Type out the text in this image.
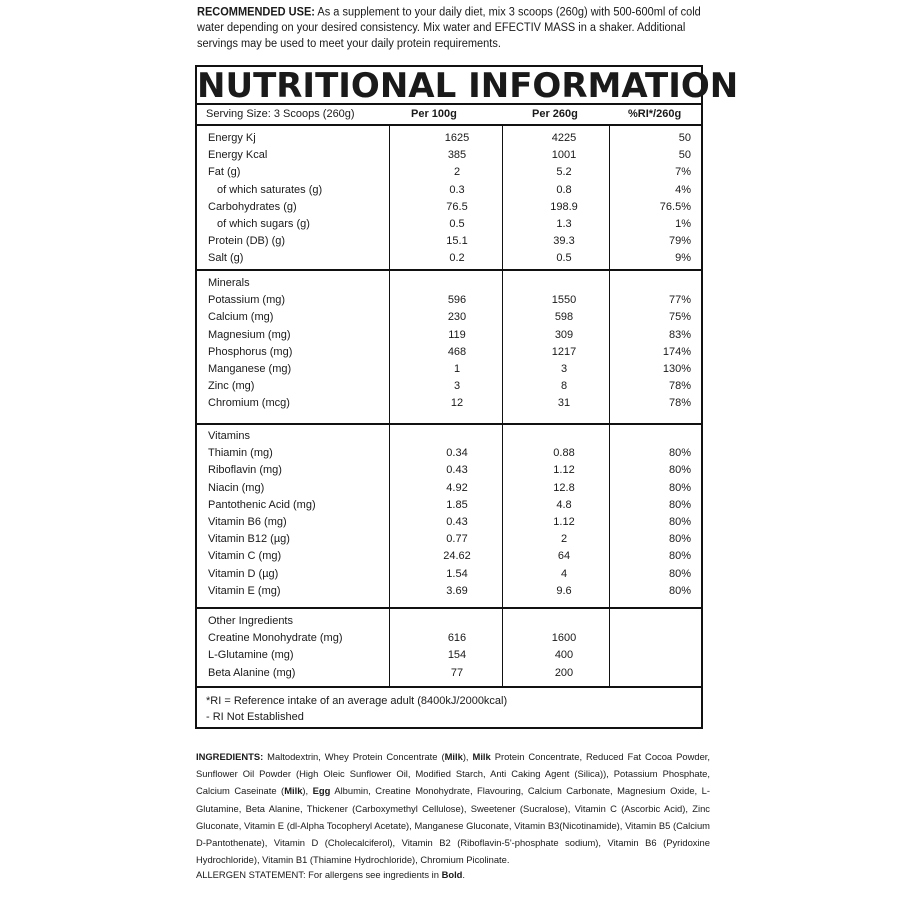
RECOMMENDED USE: As a supplement to your daily diet, mix 3 scoops (260g) with 500-600ml of cold water depending on your desired consistency. Mix water and EFECTIV MASS in a shaker. Additional servings may be used to meet your daily protein requirements.
NUTRITIONAL INFORMATION
Serving Size: 3 Scoops (260g)	Per 100g	Per 260g	%RI*/260g
Energy Kj	1625	4225	50
Energy Kcal	385	1001	50
Fat (g)	2	5.2	7%
of which saturates (g)	0.3	0.8	4%
Carbohydrates (g)	76.5	198.9	76.5%
of which sugars (g)	0.5	1.3	1%
Protein (DB) (g)	15.1	39.3	79%
Salt (g)	0.2	0.5	9%
Minerals
Potassium (mg)	596	1550	77%
Calcium (mg)	230	598	75%
Magnesium (mg)	119	309	83%
Phosphorus (mg)	468	1217	174%
Manganese (mg)	1	3	130%
Zinc (mg)	3	8	78%
Chromium (mcg)	12	31	78%
Vitamins
Thiamin (mg)	0.34	0.88	80%
Riboflavin (mg)	0.43	1.12	80%
Niacin (mg)	4.92	12.8	80%
Pantothenic Acid (mg)	1.85	4.8	80%
Vitamin B6 (mg)	0.43	1.12	80%
Vitamin B12 (µg)	0.77	2	80%
Vitamin C (mg)	24.62	64	80%
Vitamin D (µg)	1.54	4	80%
Vitamin E (mg)	3.69	9.6	80%
Other Ingredients
Creatine Monohydrate (mg)	616	1600
L-Glutamine (mg)	154	400
Beta Alanine (mg)	77	200
*RI = Reference intake of an average adult (8400kJ/2000kcal)
- RI Not Established
INGREDIENTS: Maltodextrin, Whey Protein Concentrate (Milk), Milk Protein Concentrate, Reduced Fat Cocoa Powder, Sunflower Oil Powder (High Oleic Sunflower Oil, Modified Starch, Anti Caking Agent (Silica)), Potassium Phosphate, Calcium Caseinate (Milk), Egg Albumin, Creatine Monohydrate, Flavouring, Calcium Carbonate, Magnesium Oxide, L-Glutamine, Beta Alanine, Thickener (Carboxymethyl Cellulose), Sweetener (Sucralose), Vitamin C (Ascorbic Acid), Zinc Gluconate, Vitamin E (dl-Alpha Tocopheryl Acetate), Manganese Gluconate, Vitamin B3(Nicotinamide), Vitamin B5 (Calcium D-Pantothenate), Vitamin D (Cholecalciferol), Vitamin B2 (Riboflavin-5'-phosphate sodium), Vitamin B6 (Pyridoxine Hydrochloride), Vitamin B1 (Thiamine Hydrochloride), Chromium Picolinate.
ALLERGEN STATEMENT: For allergens see ingredients in Bold.
